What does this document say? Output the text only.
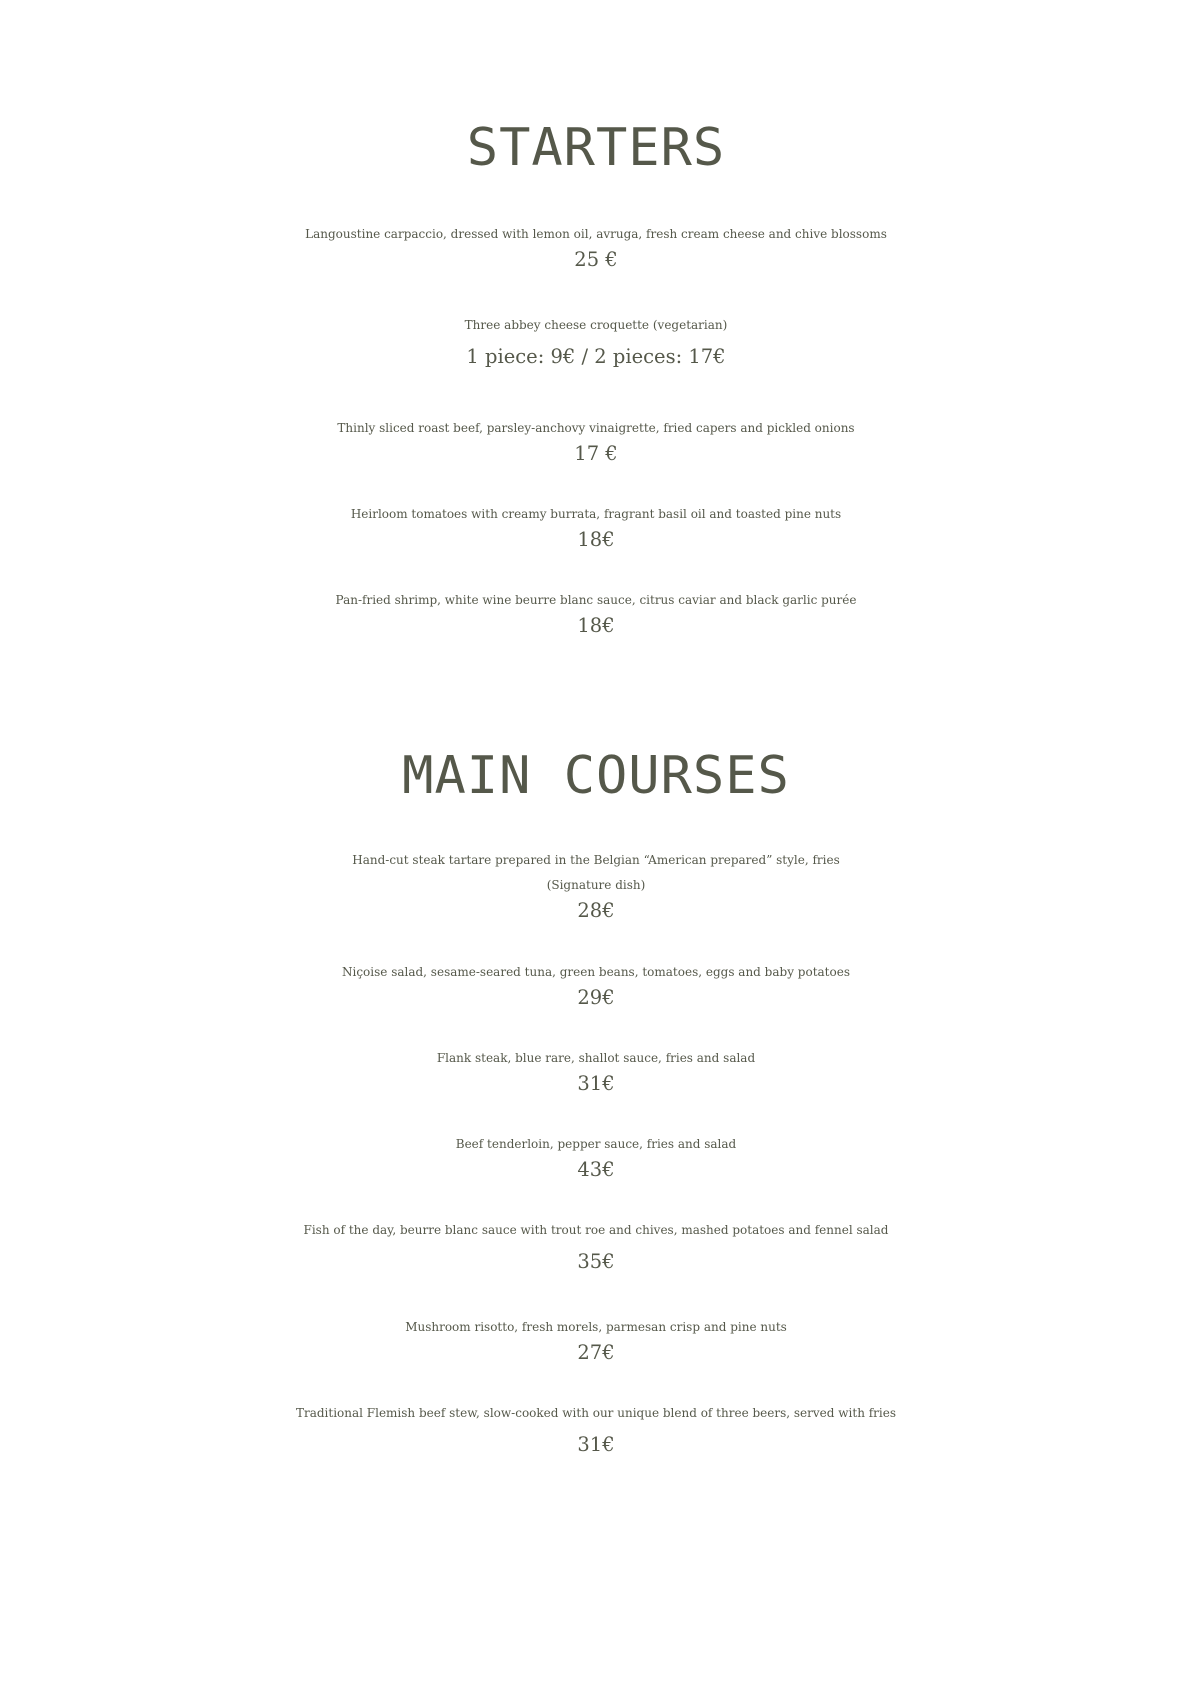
STARTERS
Langoustine carpaccio, dressed with lemon oil, avruga, fresh cream cheese and chive blossoms
25 €
Three abbey cheese croquette (vegetarian)
1 piece: 9€ / 2 pieces: 17€
Thinly sliced roast beef, parsley-anchovy vinaigrette, fried capers and pickled onions
17 €
Heirloom tomatoes with creamy burrata, fragrant basil oil and toasted pine nuts
18€
Pan-fried shrimp, white wine beurre blanc sauce, citrus caviar and black garlic purée
18€
MAIN COURSES
Hand-cut steak tartare prepared in the Belgian “American prepared” style, fries
(Signature dish)
28€
Niçoise salad, sesame-seared tuna, green beans, tomatoes, eggs and baby potatoes
29€
Flank steak, blue rare, shallot sauce, fries and salad
31€
Beef tenderloin, pepper sauce, fries and salad
43€
Fish of the day, beurre blanc sauce with trout roe and chives, mashed potatoes and fennel salad
35€
Mushroom risotto, fresh morels, parmesan crisp and pine nuts
27€
Traditional Flemish beef stew, slow-cooked with our unique blend of three beers, served with fries
31€
